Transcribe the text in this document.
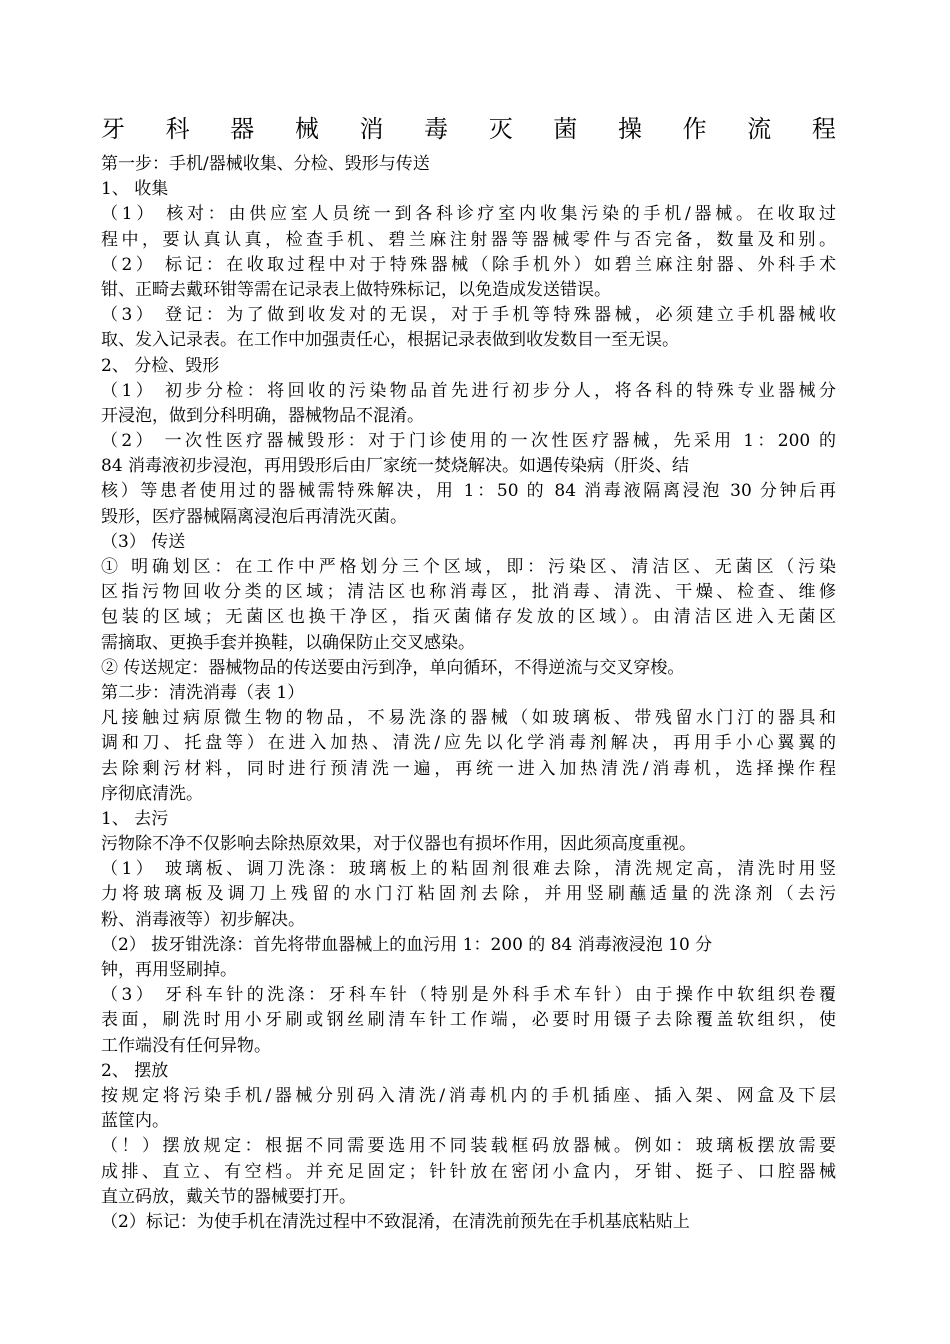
牙 科 器 械 消 毒 灭 菌 操 作 流 程
第一步：手机/器械收集、分检、毁形与传送
1、 收集
（1） 核对：由供应室人员统一到各科诊疗室内收集污染的手机/器械。在收取过
程中，要认真认真，检查手机、碧兰麻注射器等器械零件与否完备，数量及和别。
（2） 标记：在收取过程中对于特殊器械（除手机外）如碧兰麻注射器、外科手术
钳、正畸去戴环钳等需在记录表上做特殊标记，以免造成发送错误。
（3） 登记：为了做到收发对的无误，对于手机等特殊器械，必须建立手机器械收
取、发入记录表。在工作中加强责任心，根据记录表做到收发数目一至无误。
2、 分检、毁形
（1） 初步分检：将回收的污染物品首先进行初步分人，将各科的特殊专业器械分
开浸泡，做到分科明确，器械物品不混淆。
（2） 一次性医疗器械毁形：对于门诊使用的一次性医疗器械，先采用 1：200 的
84 消毒液初步浸泡，再用毁形后由厂家统一焚烧解决。如遇传染病（肝炎、结
核）等患者使用过的器械需特殊解决，用 1：50 的 84 消毒液隔离浸泡 30 分钟后再
毁形，医疗器械隔离浸泡后再清洗灭菌。
（3） 传送
① 明确划区：在工作中严格划分三个区域，即：污染区、清洁区、无菌区（污染
区指污物回收分类的区域；清洁区也称消毒区，批消毒、清洗、干燥、检查、维修
包装的区域；无菌区也换干净区，指灭菌储存发放的区域）。由清洁区进入无菌区
需摘取、更换手套并换鞋，以确保防止交叉感染。
② 传送规定：器械物品的传送要由污到净，单向循环，不得逆流与交叉穿梭。
第二步：清洗消毒（表 1）
凡接触过病原微生物的物品，不易洗涤的器械（如玻璃板、带残留水门汀的器具和
调和刀、托盘等）在进入加热、清洗/应先以化学消毒剂解决，再用手小心翼翼的
去除剩污材料，同时进行预清洗一遍，再统一进入加热清洗/消毒机，选择操作程
序彻底清洗。
1、 去污
污物除不净不仅影响去除热原效果，对于仪器也有损坏作用，因此须高度重视。
（1） 玻璃板、调刀洗涤：玻璃板上的粘固剂很难去除，清洗规定高，清洗时用竖
力将玻璃板及调刀上残留的水门汀粘固剂去除，并用竖刷蘸适量的洗涤剂（去污
粉、消毒液等）初步解决。
（2） 拔牙钳洗涤：首先将带血器械上的血污用 1：200 的 84 消毒液浸泡 10 分
钟，再用竖刷掉。
（3） 牙科车针的洗涤：牙科车针（特别是外科手术车针）由于操作中软组织卷覆
表面，刷洗时用小牙刷或钢丝刷清车针工作端，必要时用镊子去除覆盖软组织，使
工作端没有任何异物。
2、 摆放
按规定将污染手机/器械分别码入清洗/消毒机内的手机插座、插入架、网盒及下层
蓝筐内。
（！）摆放规定：根据不同需要选用不同装载框码放器械。例如：玻璃板摆放需要
成排、直立、有空档。并充足固定；针针放在密闭小盒内，牙钳、挺子、口腔器械
直立码放，戴关节的器械要打开。
（2）标记：为使手机在清洗过程中不致混淆，在清洗前预先在手机基底粘贴上
